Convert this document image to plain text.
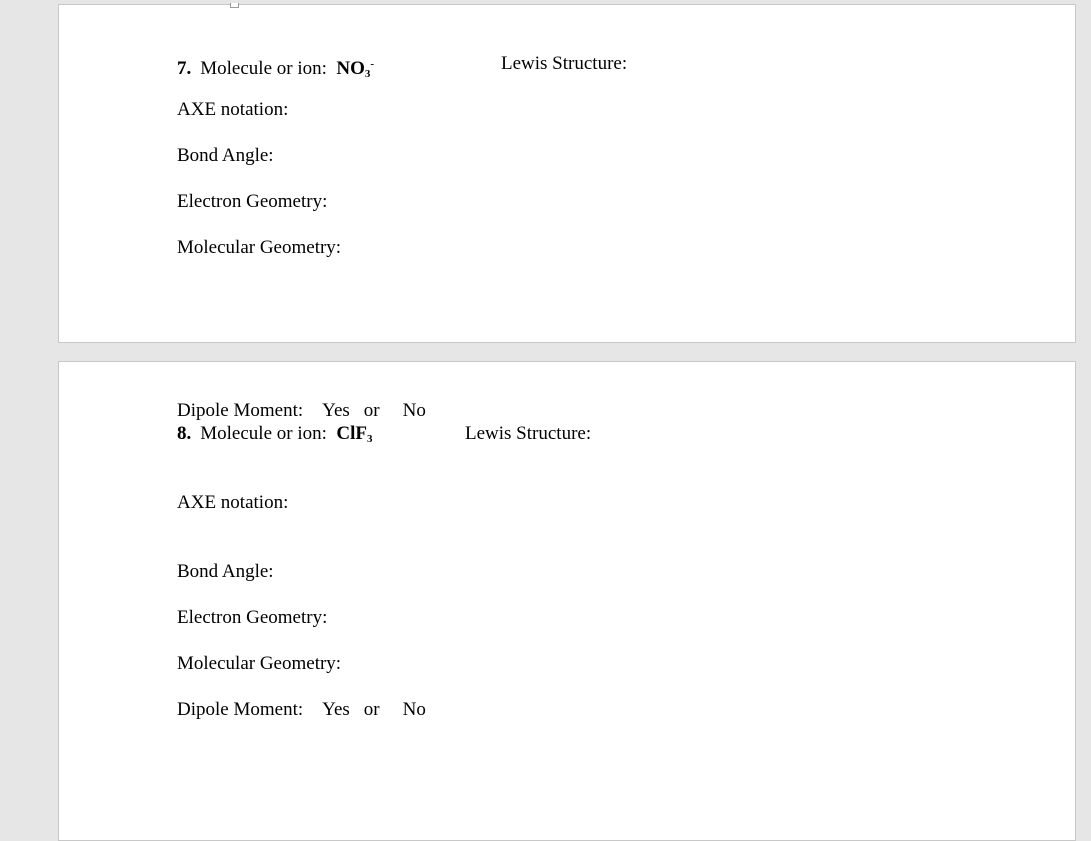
7. Molecule or ion: $NO_3^-$	Lewis Structure:
AXE notation:
Bond Angle:
Electron Geometry:
Molecular Geometry:
Dipole Moment: Yes or No
8. Molecule or ion: ClF$_3$	Lewis Structure:
AXE notation:
Bond Angle:
Electron Geometry:
Molecular Geometry:
Dipole Moment: Yes or No
